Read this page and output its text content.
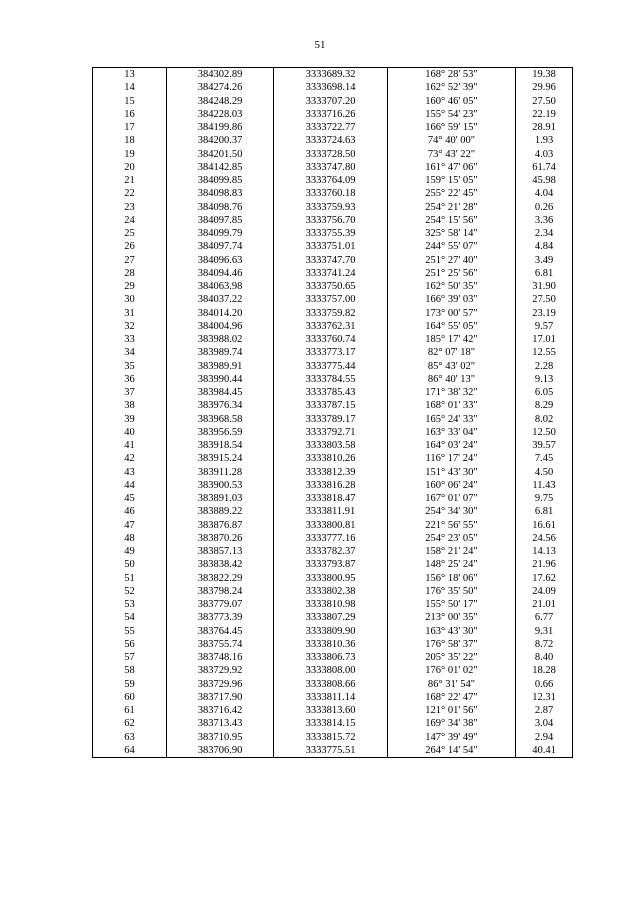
51
13	384302.89	3333689.32	168° 28' 53"	19.38
14	384274.26	3333698.14	162° 52' 39"	29.96
15	384248.29	3333707.20	160° 46' 05"	27.50
16	384228.03	3333716.26	155° 54' 23"	22.19
17	384199.86	3333722.77	166° 59' 15"	28.91
18	384200.37	3333724.63	74° 40' 00"	1.93
19	384201.50	3333728.50	73° 43' 22"	4.03
20	384142.85	3333747.80	161° 47' 06"	61.74
21	384099.85	3333764.09	159° 15' 05"	45.98
22	384098.83	3333760.18	255° 22' 45"	4.04
23	384098.76	3333759.93	254° 21' 28"	0.26
24	384097.85	3333756.70	254° 15' 56"	3.36
25	384099.79	3333755.39	325° 58' 14"	2.34
26	384097.74	3333751.01	244° 55' 07"	4.84
27	384096.63	3333747.70	251° 27' 40"	3.49
28	384094.46	3333741.24	251° 25' 56"	6.81
29	384063.98	3333750.65	162° 50' 35"	31.90
30	384037.22	3333757.00	166° 39' 03"	27.50
31	384014.20	3333759.82	173° 00' 57"	23.19
32	384004.96	3333762.31	164° 55' 05"	9.57
33	383988.02	3333760.74	185° 17' 42"	17.01
34	383989.74	3333773.17	82° 07' 18"	12.55
35	383989.91	3333775.44	85° 43' 02"	2.28
36	383990.44	3333784.55	86° 40' 13"	9.13
37	383984.45	3333785.43	171° 38' 32"	6.05
38	383976.34	3333787.15	168° 01' 33"	8.29
39	383968.58	3333789.17	165° 24' 33"	8.02
40	383956.59	3333792.71	163° 33' 04"	12.50
41	383918.54	3333803.58	164° 03' 24"	39.57
42	383915.24	3333810.26	116° 17' 24"	7.45
43	383911.28	3333812.39	151° 43' 30"	4.50
44	383900.53	3333816.28	160° 06' 24"	11.43
45	383891.03	3333818.47	167° 01' 07"	9.75
46	383889.22	3333811.91	254° 34' 30"	6.81
47	383876.87	3333800.81	221° 56' 55"	16.61
48	383870.26	3333777.16	254° 23' 05"	24.56
49	383857.13	3333782.37	158° 21' 24"	14.13
50	383838.42	3333793.87	148° 25' 24"	21.96
51	383822.29	3333800.95	156° 18' 06"	17.62
52	383798.24	3333802.38	176° 35' 50"	24.09
53	383779.07	3333810.98	155° 50' 17"	21.01
54	383773.39	3333807.29	213° 00' 35"	6.77
55	383764.45	3333809.90	163° 43' 30"	9.31
56	383755.74	3333810.36	176° 58' 37"	8.72
57	383748.16	3333806.73	205° 35' 22"	8.40
58	383729.92	3333808.00	176° 01' 02"	18.28
59	383729.96	3333808.66	86° 31' 54"	0.66
60	383717.90	3333811.14	168° 22' 47"	12.31
61	383716.42	3333813.60	121° 01' 56"	2.87
62	383713.43	3333814.15	169° 34' 38"	3.04
63	383710.95	3333815.72	147° 39' 49"	2.94
64	383706.90	3333775.51	264° 14' 54"	40.41
